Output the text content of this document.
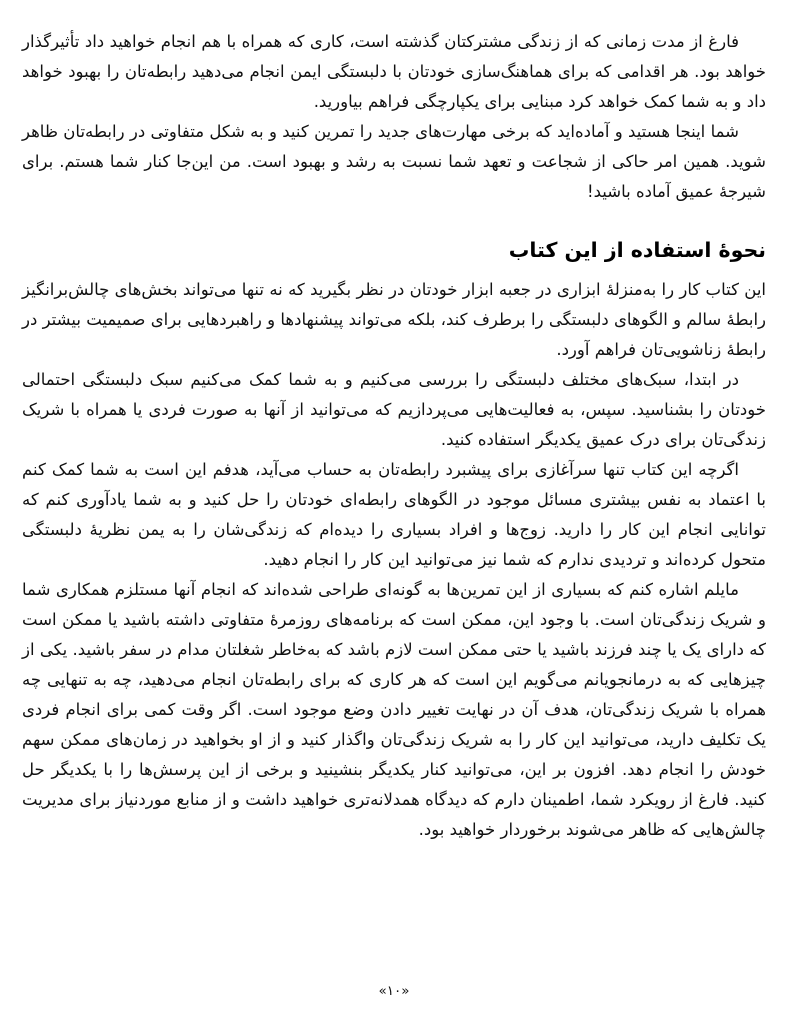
فارغ از مدت زمانی که از زندگی مشترکتان گذشته است، کاری که همراه با هم انجام خواهید داد تأثیرگذار خواهد بود. هر اقدامی که برای هماهنگ‌سازی خودتان با دلبستگی ایمن انجام می‌دهید رابطه‌تان را بهبود خواهد داد و به شما کمک خواهد کرد مبنایی برای یکپارچگی فراهم بیاورید.

شما اینجا هستید و آماده‌اید که برخی مهارت‌های جدید را تمرین کنید و به شکل متفاوتی در رابطه‌تان ظاهر شوید. همین امر حاکی از شجاعت و تعهد شما نسبت به رشد و بهبود است. من این‌جا کنار شما هستم. برای شیرجهٔ عمیق آماده باشید!

نحوهٔ استفاده از این کتاب

این کتاب کار را به‌منزلهٔ ابزاری در جعبه ابزار خودتان در نظر بگیرید که نه تنها می‌تواند بخش‌های چالش‌برانگیز رابطهٔ سالم و الگوهای دلبستگی را برطرف کند، بلکه می‌تواند پیشنهادها و راهبردهایی برای صمیمیت بیشتر در رابطهٔ زناشویی‌تان فراهم آورد.

در ابتدا، سبک‌های مختلف دلبستگی را بررسی می‌کنیم و به شما کمک می‌کنیم سبک دلبستگی احتمالی خودتان را بشناسید. سپس، به فعالیت‌هایی می‌پردازیم که می‌توانید از آنها به صورت فردی یا همراه با شریک زندگی‌تان برای درک عمیق یکدیگر استفاده کنید.

اگرچه این کتاب تنها سرآغازی برای پیشبرد رابطه‌تان به حساب می‌آید، هدفم این است به شما کمک کنم با اعتماد به نفس بیشتری مسائل موجود در الگوهای رابطه‌ای خودتان را حل کنید و به شما یادآوری کنم که توانایی انجام این کار را دارید. زوج‌ها و افراد بسیاری را دیده‌ام که زندگی‌شان را به یمن نظریهٔ دلبستگی متحول کرده‌اند و تردیدی ندارم که شما نیز می‌توانید این کار را انجام دهید.

مایلم اشاره کنم که بسیاری از این تمرین‌ها به گونه‌ای طراحی شده‌اند که انجام آنها مستلزم همکاری شما و شریک زندگی‌تان است. با وجود این، ممکن است که برنامه‌های روزمرهٔ متفاوتی داشته باشید یا ممکن است که دارای یک یا چند فرزند باشید یا حتی ممکن است لازم باشد که به‌خاطر شغلتان مدام در سفر باشید. یکی از چیزهایی که به درمانجویانم می‌گویم این است که هر کاری که برای رابطه‌تان انجام می‌دهید، چه به تنهایی چه همراه با شریک زندگی‌تان، هدف آن در نهایت تغییر دادن وضع موجود است. اگر وقت کمی برای انجام فردی یک تکلیف دارید، می‌توانید این کار را به شریک زندگی‌تان واگذار کنید و از او بخواهید در زمان‌های ممکن سهم خودش را انجام دهد. افزون بر این، می‌توانید کنار یکدیگر بنشینید و برخی از این پرسش‌ها را با یکدیگر حل کنید. فارغ از رویکرد شما، اطمینان دارم که دیدگاه همدلانه‌تری خواهید داشت و از منابع موردنیاز برای مدیریت چالش‌هایی که ظاهر می‌شوند برخوردار خواهید بود.

«۱۰»
